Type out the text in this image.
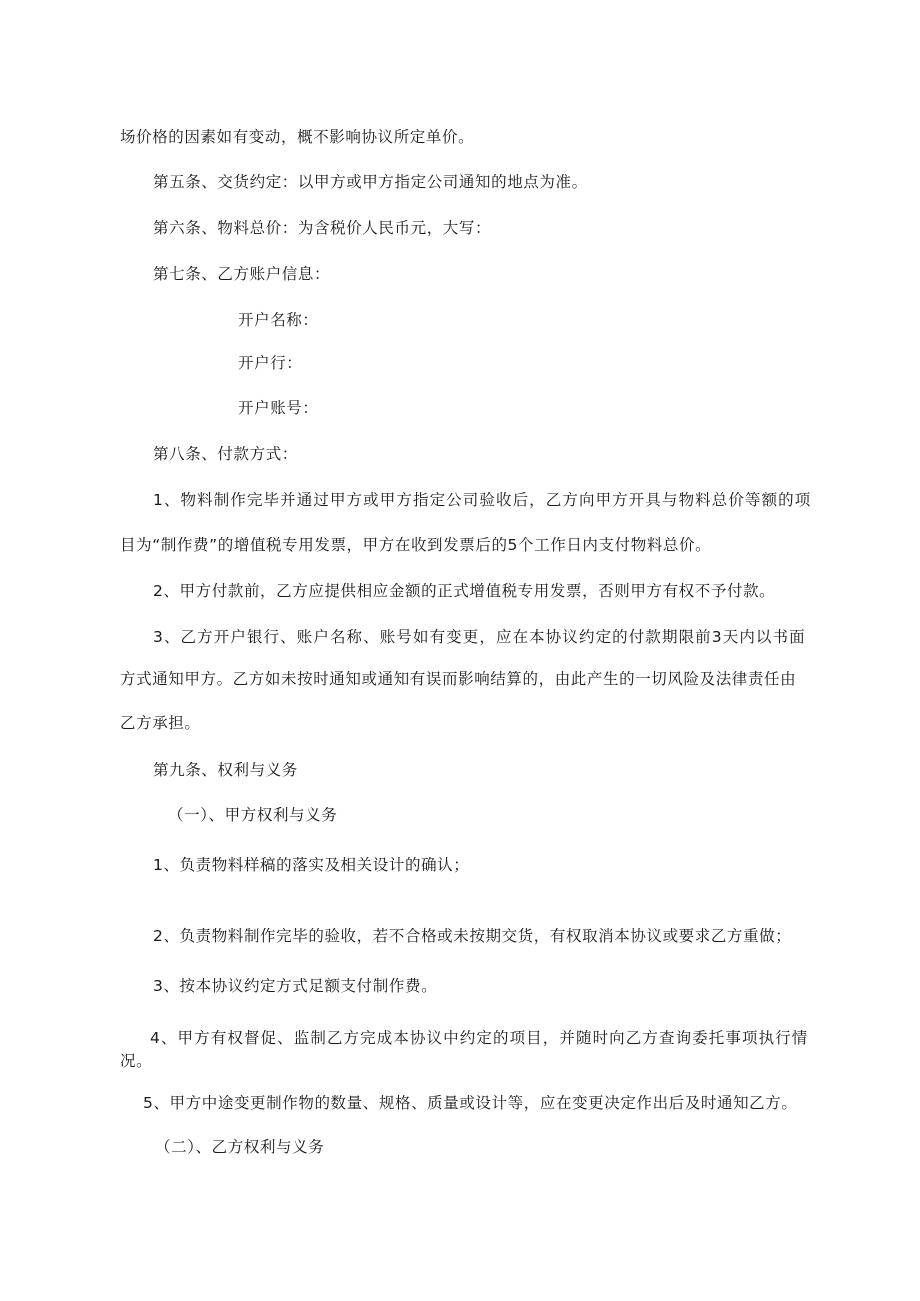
场价格的因素如有变动，概不影响协议所定单价。
第五条、交货约定：以甲方或甲方指定公司通知的地点为准。
第六条、物料总价：为含税价人民币元，大写：
第七条、乙方账户信息：
开户名称：
开户行：
开户账号：
第八条、付款方式：
1、物料制作完毕并通过甲方或甲方指定公司验收后，乙方向甲方开具与物料总价等额的项
目为“制作费”的增值税专用发票，甲方在收到发票后的5个工作日内支付物料总价。
2、甲方付款前，乙方应提供相应金额的正式增值税专用发票，否则甲方有权不予付款。
3、乙方开户银行、账户名称、账号如有变更，应在本协议约定的付款期限前3天内以书面
方式通知甲方。乙方如未按时通知或通知有误而影响结算的，由此产生的一切风险及法律责任由
乙方承担。
第九条、权利与义务
（一）、甲方权利与义务
1、负责物料样稿的落实及相关设计的确认；
2、负责物料制作完毕的验收，若不合格或未按期交货，有权取消本协议或要求乙方重做；
3、按本协议约定方式足额支付制作费。
4、甲方有权督促、监制乙方完成本协议中约定的项目，并随时向乙方查询委托事项执行情
况。
5、甲方中途变更制作物的数量、规格、质量或设计等，应在变更决定作出后及时通知乙方。
（二）、乙方权利与义务
